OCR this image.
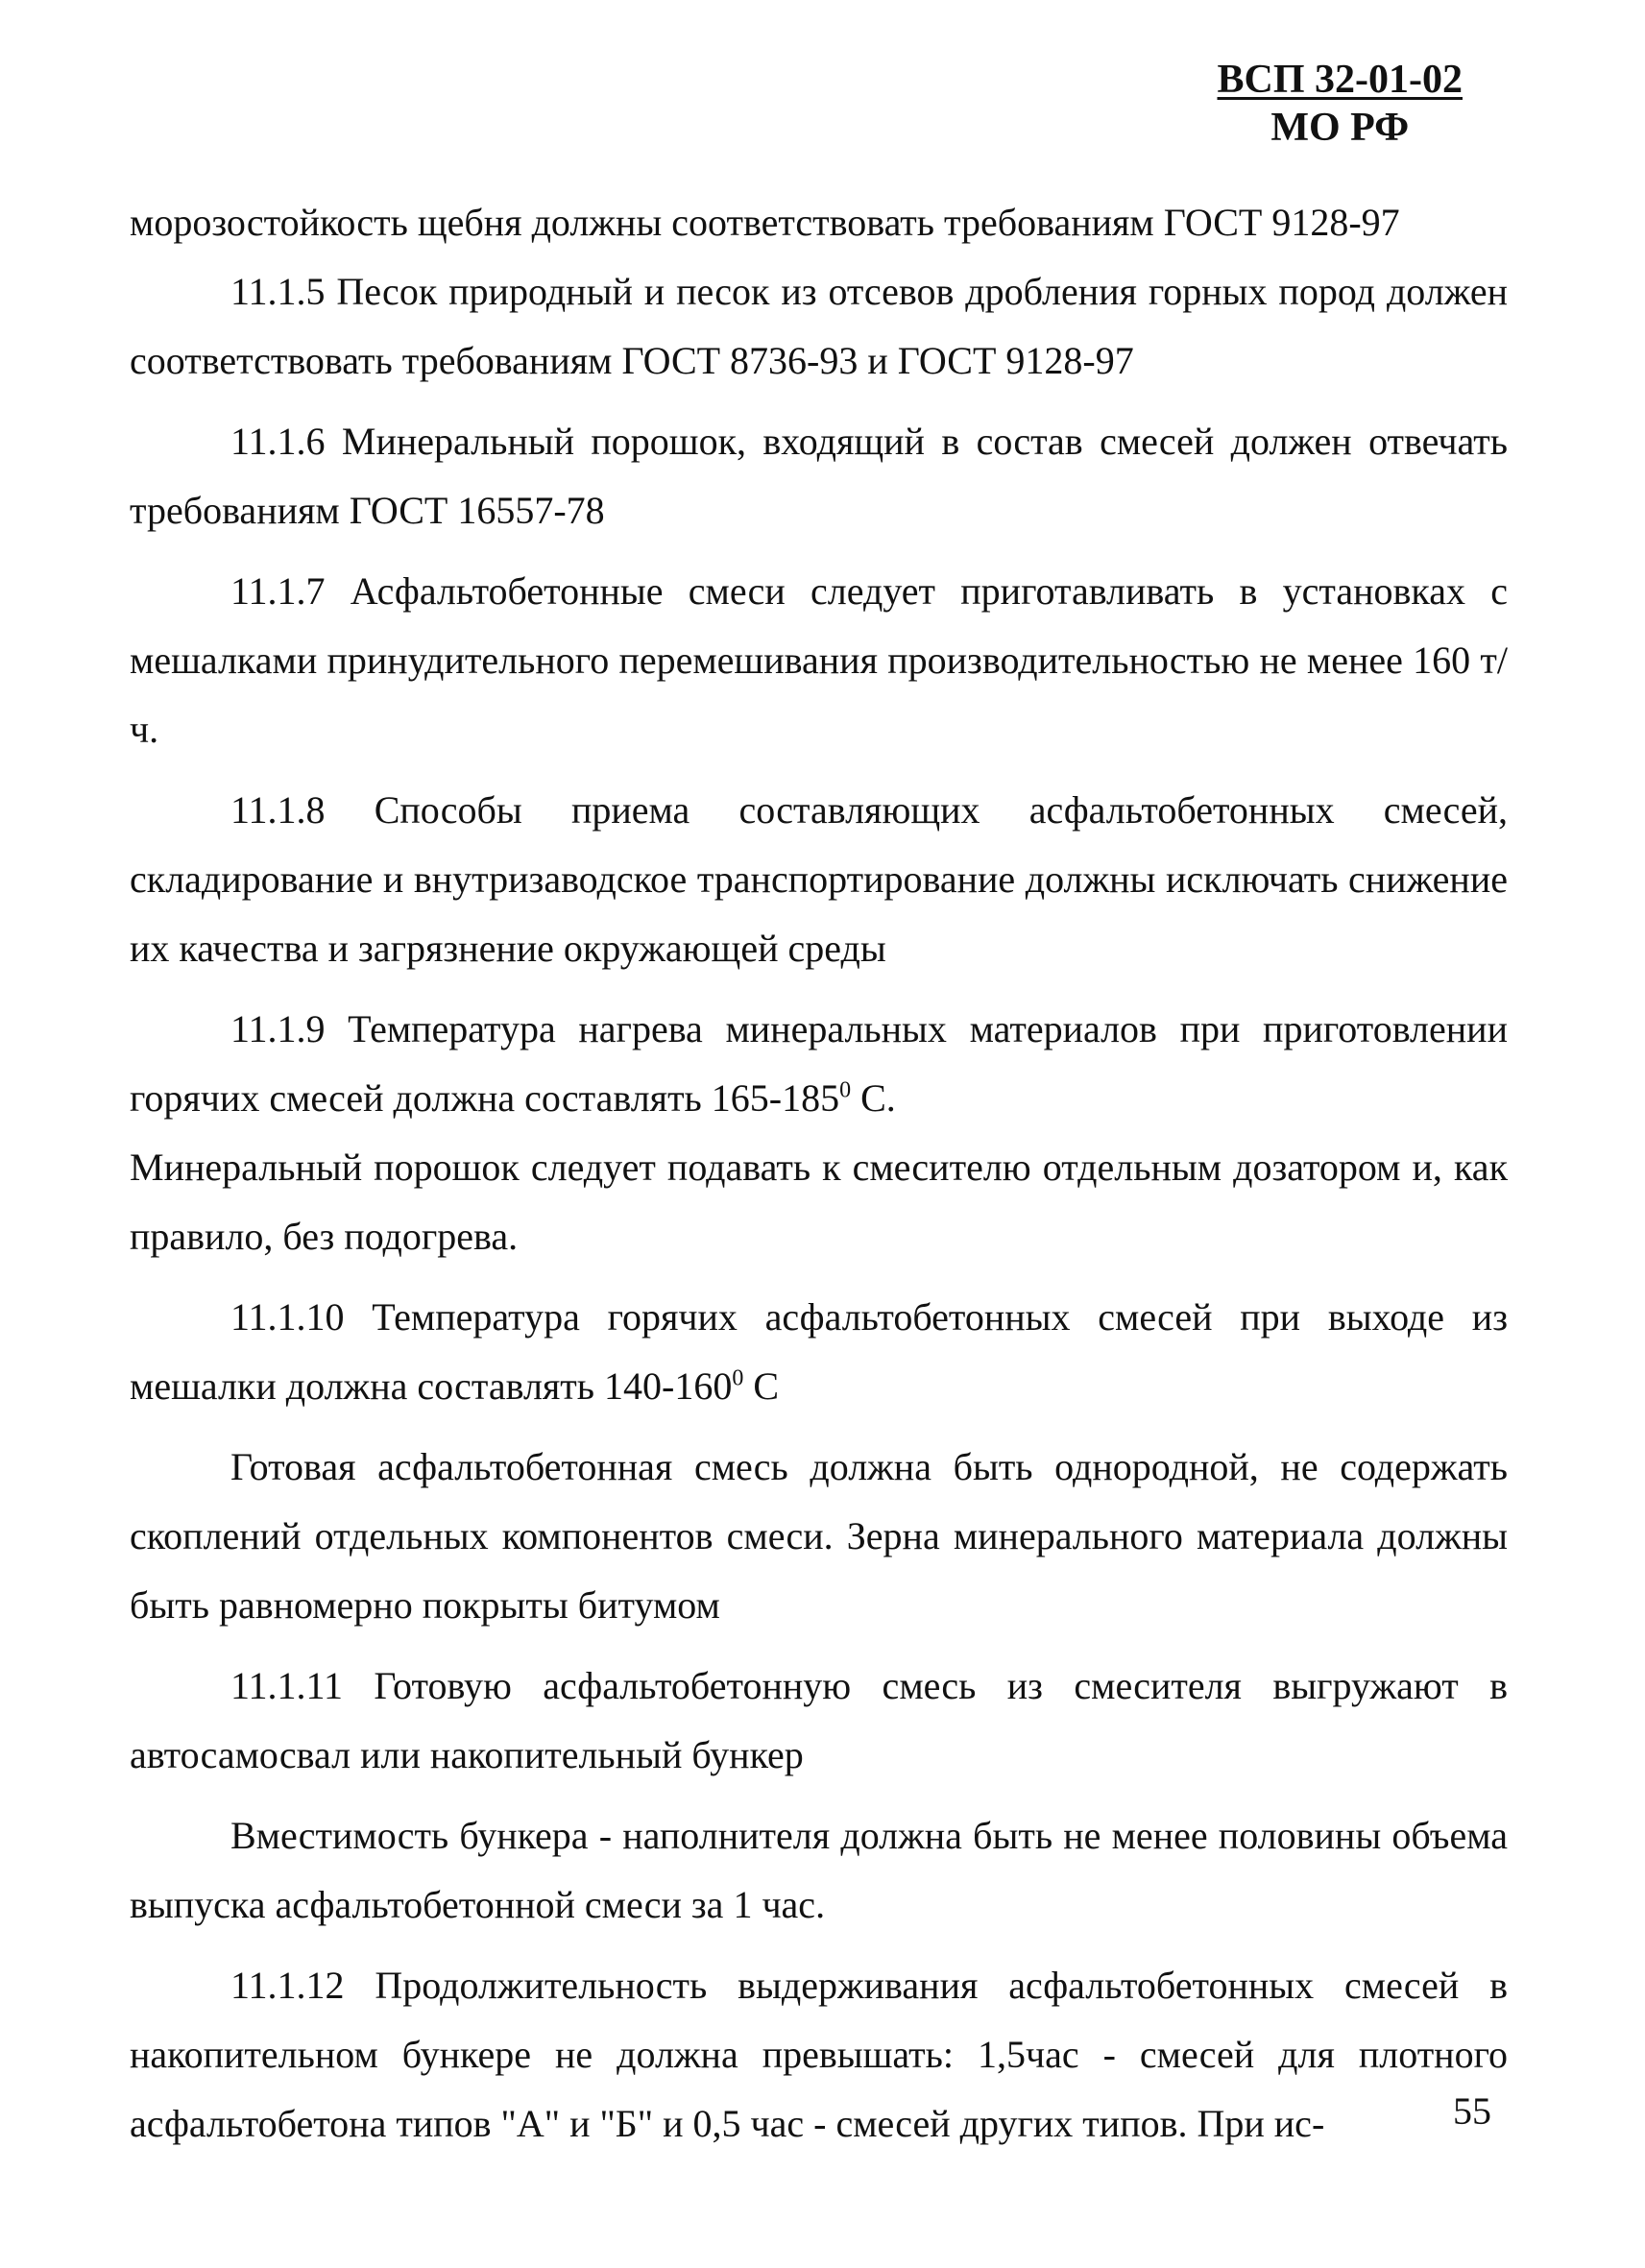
ВСП 32-01-02
МО РФ

морозостойкость щебня должны соответствовать требованиям ГОСТ 9128-97

11.1.5 Песок природный и песок из отсевов дробления горных пород должен соответствовать требованиям ГОСТ 8736-93 и ГОСТ 9128-97

11.1.6 Минеральный порошок, входящий в состав смесей должен отвечать требованиям ГОСТ 16557-78

11.1.7 Асфальтобетонные смеси следует приготавливать в установках с мешалками принудительного перемешивания производительностью не менее 160 т/ч.

11.1.8 Способы приема составляющих асфальтобетонных смесей, складирование и внутризаводское транспортирование должны исключать снижение их качества и загрязнение окружающей среды

11.1.9 Температура нагрева минеральных материалов при приготовлении горячих смесей должна составлять $165-185^0$ С.

Минеральный порошок следует подавать к смесителю отдельным дозатором и, как правило, без подогрева.

11.1.10 Температура горячих асфальтобетонных смесей при выходе из мешалки должна составлять $140-160^0$ С

Готовая асфальтобетонная смесь должна быть однородной, не содержать скоплений отдельных компонентов смеси. Зерна минерального материала должны быть равномерно покрыты битумом

11.1.11 Готовую асфальтобетонную смесь из смесителя выгружают в автосамосвал или накопительный бункер

Вместимость бункера - наполнителя должна быть не менее половины объема выпуска асфальтобетонной смеси за 1 час.

11.1.12 Продолжительность выдерживания асфальтобетонных смесей в накопительном бункере не должна превышать: 1,5час - смесей для плотного асфальтобетона типов "А" и "Б" и 0,5 час - смесей других типов. При ис-	55
